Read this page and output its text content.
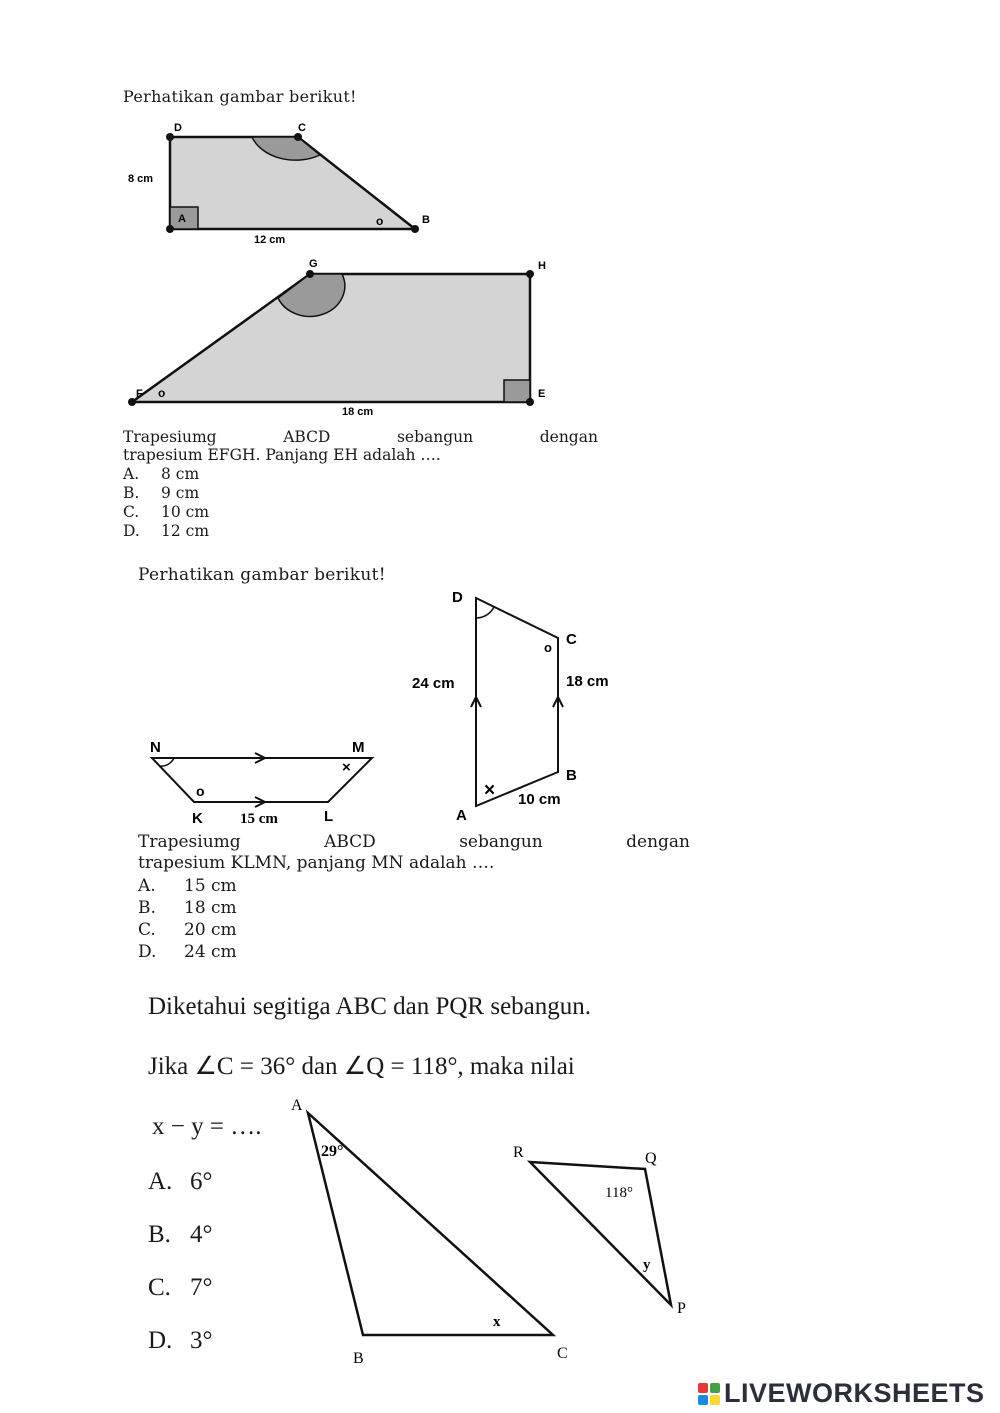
Perhatikan gambar berikut!
D	C
A	B
o
8 cm
12 cm
G	H
F	E
o
18 cm
Trapesiumg	ABCD	sebangun	dengan
trapesium EFGH. Panjang EH adalah ….
A. 8 cm
B. 9 cm
C. 10 cm
D. 12 cm
Perhatikan gambar berikut!
N	M
K	L
o
×
15 cm
D
C
B
A
o
×
24 cm	18 cm
10 cm
Trapesiumg	ABCD	sebangun	dengan
trapesium KLMN, panjang MN adalah ….
A. 15 cm
B. 18 cm
C. 20 cm
D. 24 cm
Diketahui segitiga ABC dan PQR sebangun.
Jika ∠C = 36° dan ∠Q = 118°, maka nilai
x − y = ….
A. 6°
B. 4°
C. 7°
D. 3°
A
B	C
29°
x
R	Q
P
118°
y
LIVEWORKSHEETS
